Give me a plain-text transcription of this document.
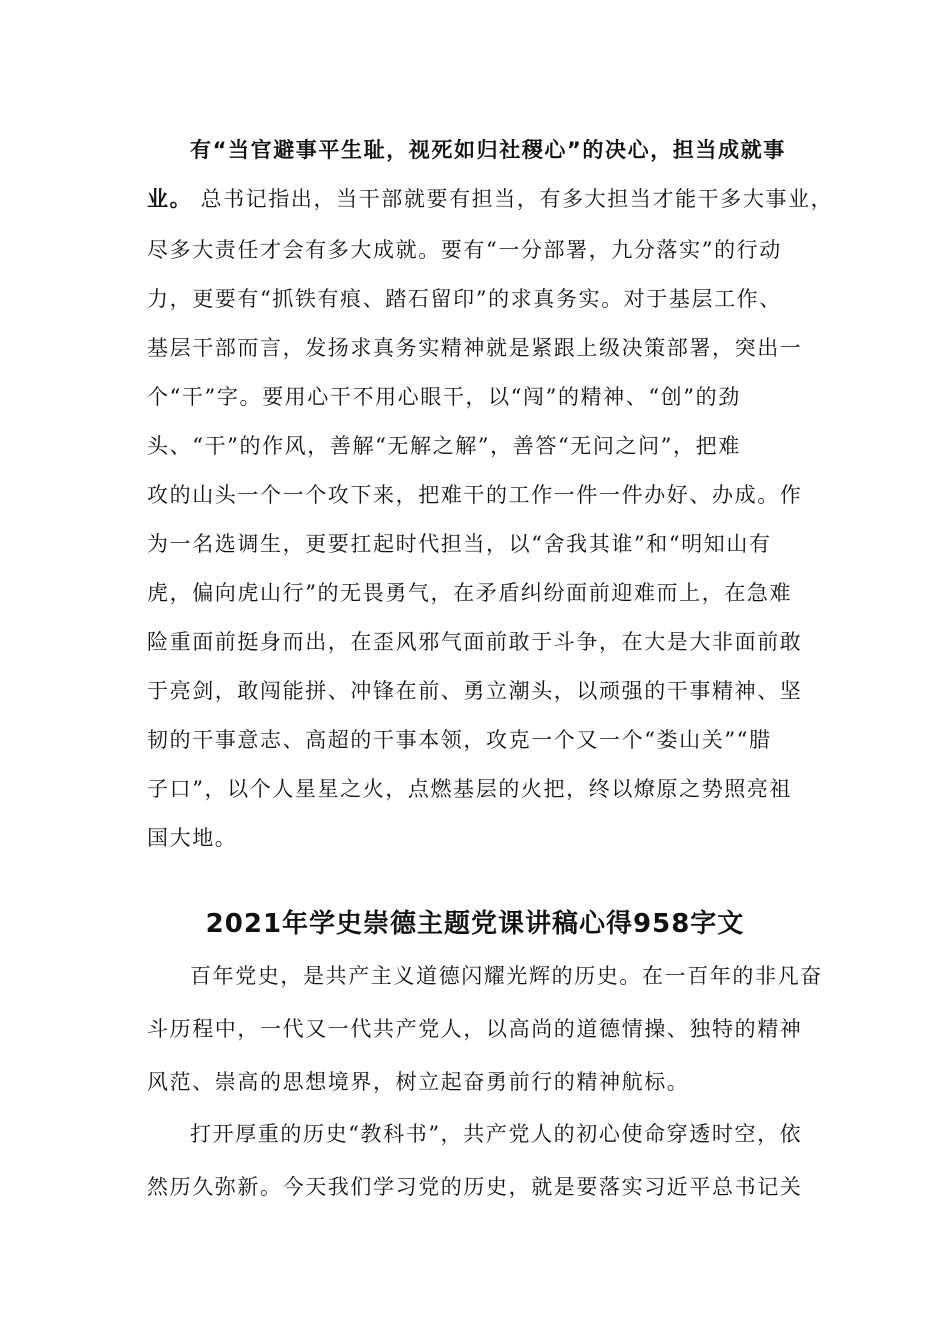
有“当官避事平生耻，视死如归社稷心”的决心，担当成就事
业。 总书记指出，当干部就要有担当，有多大担当才能干多大事业，
尽多大责任才会有多大成就。要有“一分部署，九分落实”的行动
力，更要有“抓铁有痕、踏石留印”的求真务实。对于基层工作、
基层干部而言，发扬求真务实精神就是紧跟上级决策部署，突出一
个“干”字。要用心干不用心眼干，以“闯”的精神、“创”的劲
头、“干”的作风，善解“无解之解”，善答“无问之问”，把难
攻的山头一个一个攻下来，把难干的工作一件一件办好、办成。作
为一名选调生，更要扛起时代担当，以“舍我其谁”和“明知山有
虎，偏向虎山行”的无畏勇气，在矛盾纠纷面前迎难而上，在急难
险重面前挺身而出，在歪风邪气面前敢于斗争，在大是大非面前敢
于亮剑，敢闯能拼、冲锋在前、勇立潮头，以顽强的干事精神、坚
韧的干事意志、高超的干事本领，攻克一个又一个“娄山关”“腊
子口”，以个人星星之火，点燃基层的火把，终以燎原之势照亮祖
国大地。
2021年学史崇德主题党课讲稿心得958字文
百年党史，是共产主义道德闪耀光辉的历史。在一百年的非凡奋
斗历程中，一代又一代共产党人，以高尚的道德情操、独特的精神
风范、崇高的思想境界，树立起奋勇前行的精神航标。
打开厚重的历史“教科书”，共产党人的初心使命穿透时空，依
然历久弥新。今天我们学习党的历史，就是要落实习近平总书记关
